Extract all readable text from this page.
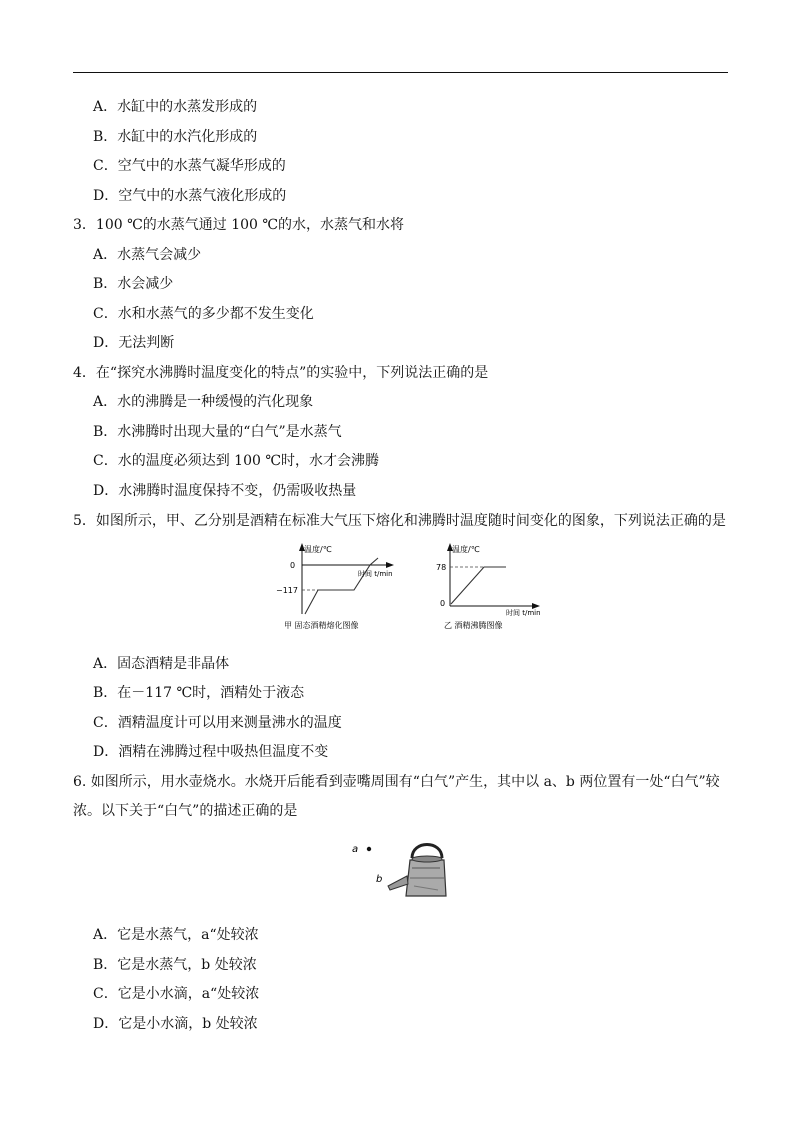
A．水缸中的水蒸发形成的
B．水缸中的水汽化形成的
C．空气中的水蒸气凝华形成的
D．空气中的水蒸气液化形成的
3．100 ℃的水蒸气通过 100 ℃的水，水蒸气和水将
A．水蒸气会减少
B．水会减少
C．水和水蒸气的多少都不发生变化
D．无法判断
4．在“探究水沸腾时温度变化的特点”的实验中，下列说法正确的是
A．水的沸腾是一种缓慢的汽化现象
B．水沸腾时出现大量的“白气”是水蒸气
C．水的温度必须达到 100 ℃时，水才会沸腾
D．水沸腾时温度保持不变，仍需吸收热量
5．如图所示，甲、乙分别是酒精在标准大气压下熔化和沸腾时温度随时间变化的图象，下列说法正确的是
温度/℃
时间 t/min
0
−117
甲 固态酒精熔化图像
温度/℃
78
0
时间 t/min
乙 酒精沸腾图像
A．固态酒精是非晶体
B．在－117 ℃时，酒精处于液态
C．酒精温度计可以用来测量沸水的温度
D．酒精在沸腾过程中吸热但温度不变
6. 如图所示，用水壶烧水。水烧开后能看到壶嘴周围有“白气”产生，其中以 a、b 两位置有一处“白气”较
浓。以下关于“白气”的描述正确的是
a
b
A．它是水蒸气，a“处较浓
B．它是水蒸气，b 处较浓
C．它是小水滴，a“处较浓
D．它是小水滴，b 处较浓
